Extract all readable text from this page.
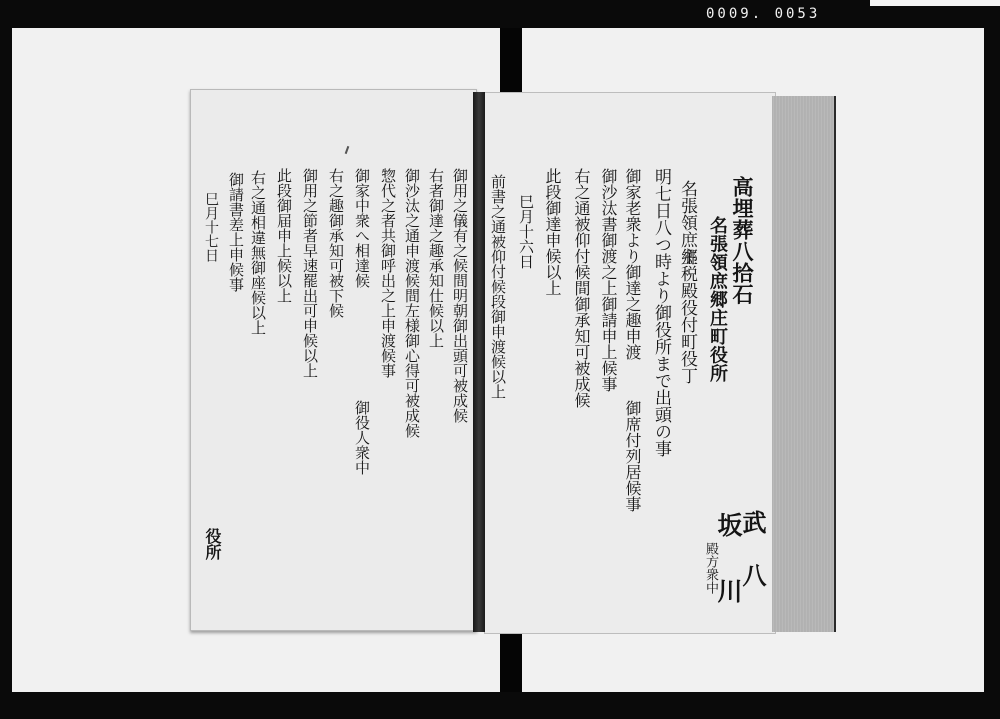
0009. 0053
高埋葬八拾石
名張領庶郷庄町役所
名張領庶郷
主税殿役付町役丁
明七日八つ時より御役所まで出頭の事
御家老衆より御達之趣申渡
御席付列居候事
御沙汰書御渡之上御請申上候事
右之通被仰付候間御承知可被成候
此段御達申候以上
巳月十六日
前書之通被仰付候段御申渡候以上
坂 川
殿方衆中 武 八
御用之儀有之候間明朝御出頭可被成候
右者御達之趣承知仕候以上
御沙汰之通申渡候間左様御心得可被成候
惣代之者共御呼出之上申渡候事
御家中衆へ相達候
御役人衆中
右之趣御承知可被下候
御用之節者早速罷出可申候以上
此段御届申上候以上
右之通相違無御座候以上
御請書差上申候事
巳月十七日
役所
